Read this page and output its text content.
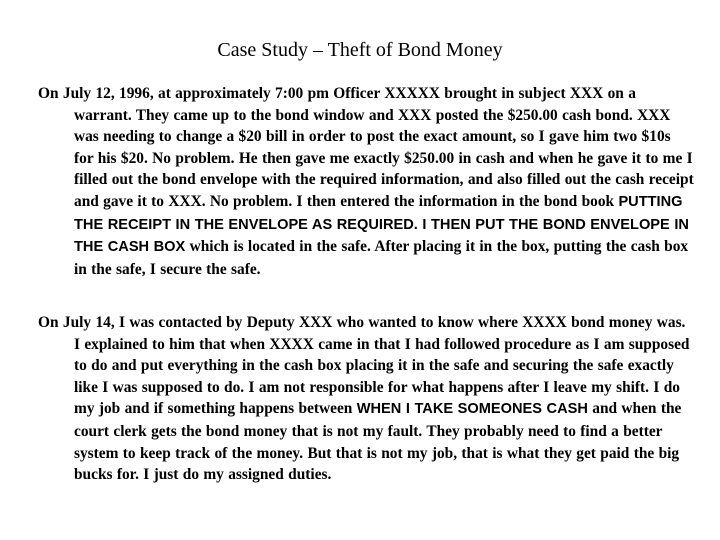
Case Study – Theft of Bond Money
On July 12, 1996, at approximately 7:00 pm Officer XXXXX brought in subject XXX on a warrant. They came up to the bond window and XXX posted the $250.00 cash bond. XXX was needing to change a $20 bill in order to post the exact amount, so I gave him two $10s for his $20. No problem. He then gave me exactly $250.00 in cash and when he gave it to me I filled out the bond envelope with the required information, and also filled out the cash receipt and gave it to XXX. No problem. I then entered the information in the bond book PUTTING THE RECEIPT IN THE ENVELOPE AS REQUIRED. I THEN PUT THE BOND ENVELOPE IN THE CASH BOX which is located in the safe. After placing it in the box, putting the cash box in the safe, I secure the safe.
On July 14, I was contacted by Deputy XXX who wanted to know where XXXX bond money was. I explained to him that when XXXX came in that I had followed procedure as I am supposed to do and put everything in the cash box placing it in the safe and securing the safe exactly like I was supposed to do. I am not responsible for what happens after I leave my shift. I do my job and if something happens between WHEN I TAKE SOMEONES CASH and when the court clerk gets the bond money that is not my fault. They probably need to find a better system to keep track of the money. But that is not my job, that is what they get paid the big bucks for. I just do my assigned duties.
